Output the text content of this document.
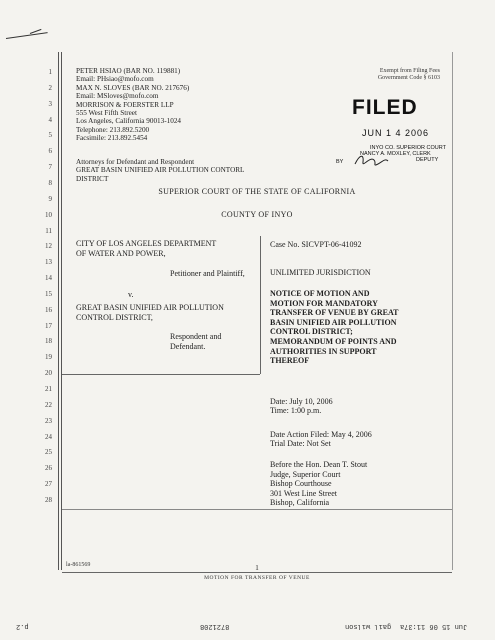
1
2
3
4
5
6
7
8
9
10
11
12
13
14
15
16
17
18
19
20
21
22
23
24
25
26
27
28
PETER HSIAO (BAR NO. 119881)
Email: PHsiao@mofo.com
MAX N. SLOVES (BAR NO. 217676)
Email: MSloves@mofo.com
MORRISON & FOERSTER LLP
555 West Fifth Street
Los Angeles, California 90013-1024
Telephone: 213.892.5200
Facsimile: 213.892.5454
Attorneys for Defendant and Respondent
GREAT BASIN UNIFIED AIR POLLUTION CONTORL
DISTRICT
Exempt from Filing Fees
Government Code § 6103
FILED
JUN 1 4 2006
INYO CO. SUPERIOR COURT
NANCY A. MOXLEY, CLERK
BY	DEPUTY
SUPERIOR COURT OF THE STATE OF CALIFORNIA
COUNTY OF INYO
CITY OF LOS ANGELES DEPARTMENT
OF WATER AND POWER,
Petitioner and Plaintiff,
v.
GREAT BASIN UNIFIED AIR POLLUTION
CONTROL DISTRICT,
Respondent and
Defendant.
Case No. SICVPT-06-41092
UNLIMITED JURISDICTION
NOTICE OF MOTION AND
MOTION FOR MANDATORY
TRANSFER OF VENUE BY GREAT
BASIN UNIFIED AIR POLLUTION
CONTROL DISTRICT;
MEMORANDUM OF POINTS AND
AUTHORITIES IN SUPPORT
THEREOF
Date: July 10, 2006
Time: 1:00 p.m.
Date Action Filed: May 4, 2006
Trial Date: Not Set
Before the Hon. Dean T. Stout
Judge, Superior Court
Bishop Courthouse
301 West Line Street
Bishop, California
la-861569	1
MOTION FOR TRANSFER OF VENUE
p.2	8721208	gail wilson Jun 15 06 11:37a
